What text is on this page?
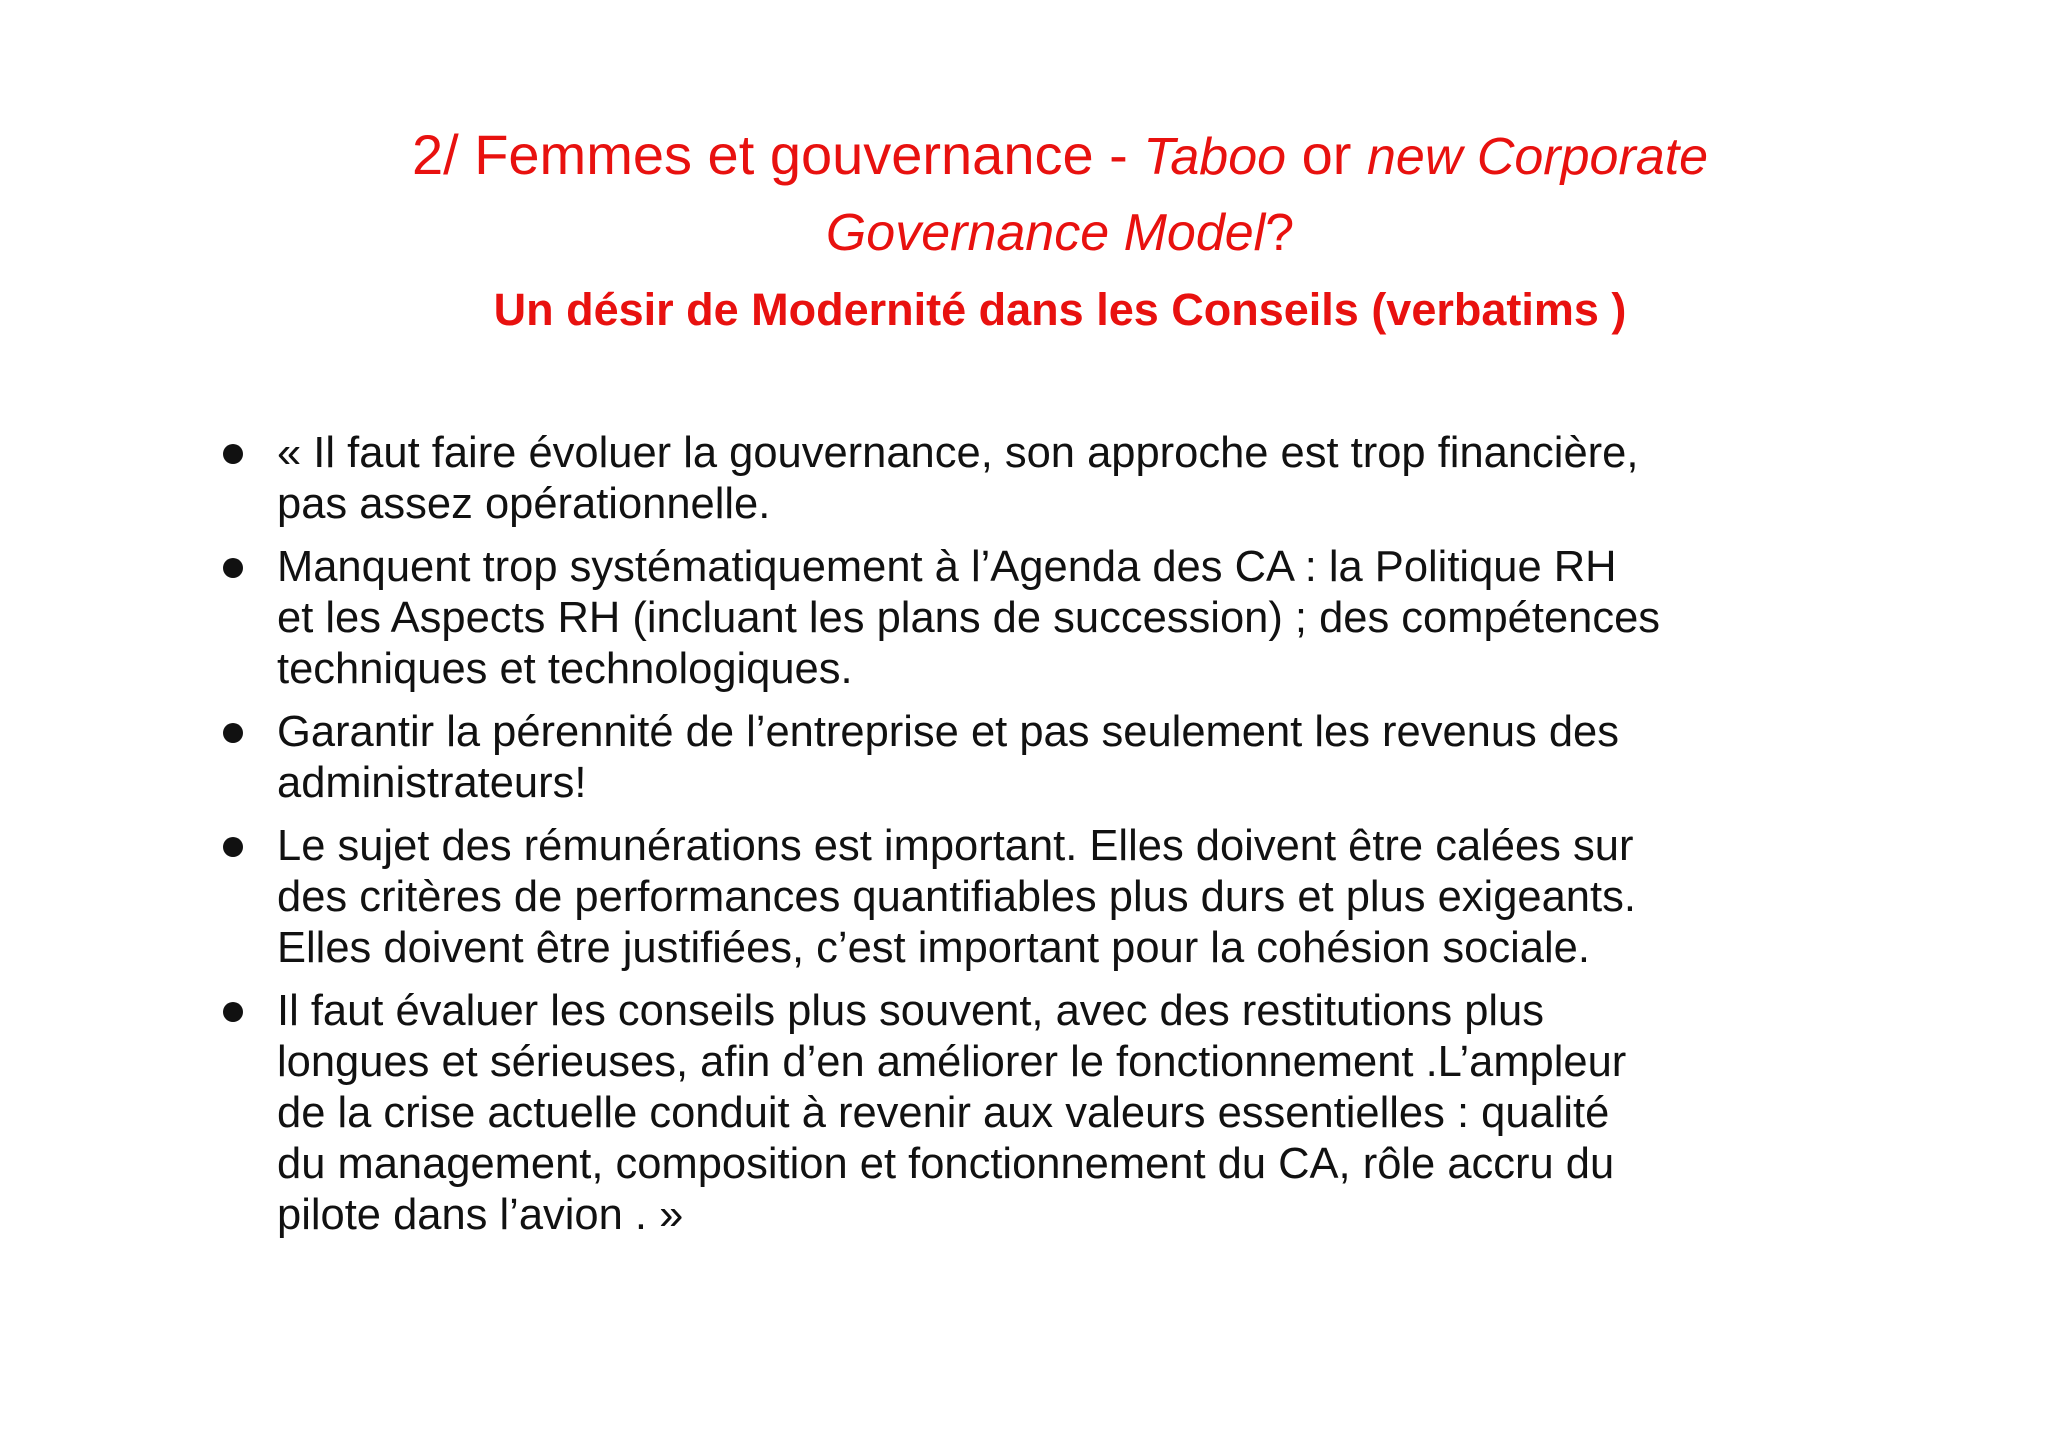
2/ Femmes et gouvernance - Taboo or new Corporate
Governance Model?
Un désir de Modernité dans les Conseils (verbatims )
« Il faut faire évoluer la gouvernance, son approche est trop financière,
pas assez opérationnelle.
Manquent trop systématiquement à l’Agenda des CA : la Politique RH
et les Aspects RH (incluant les plans de succession) ; des compétences
techniques et technologiques.
Garantir la pérennité de l’entreprise et pas seulement les revenus des
administrateurs!
Le sujet des rémunérations est important. Elles doivent être calées sur
des critères de performances quantifiables plus durs et plus exigeants.
Elles doivent être justifiées, c’est important pour la cohésion sociale.
Il faut évaluer les conseils plus souvent, avec des restitutions plus
longues et sérieuses, afin d’en améliorer le fonctionnement .L’ampleur
de la crise actuelle conduit à revenir aux valeurs essentielles : qualité
du management, composition et fonctionnement du CA, rôle accru du
pilote dans l’avion . »
